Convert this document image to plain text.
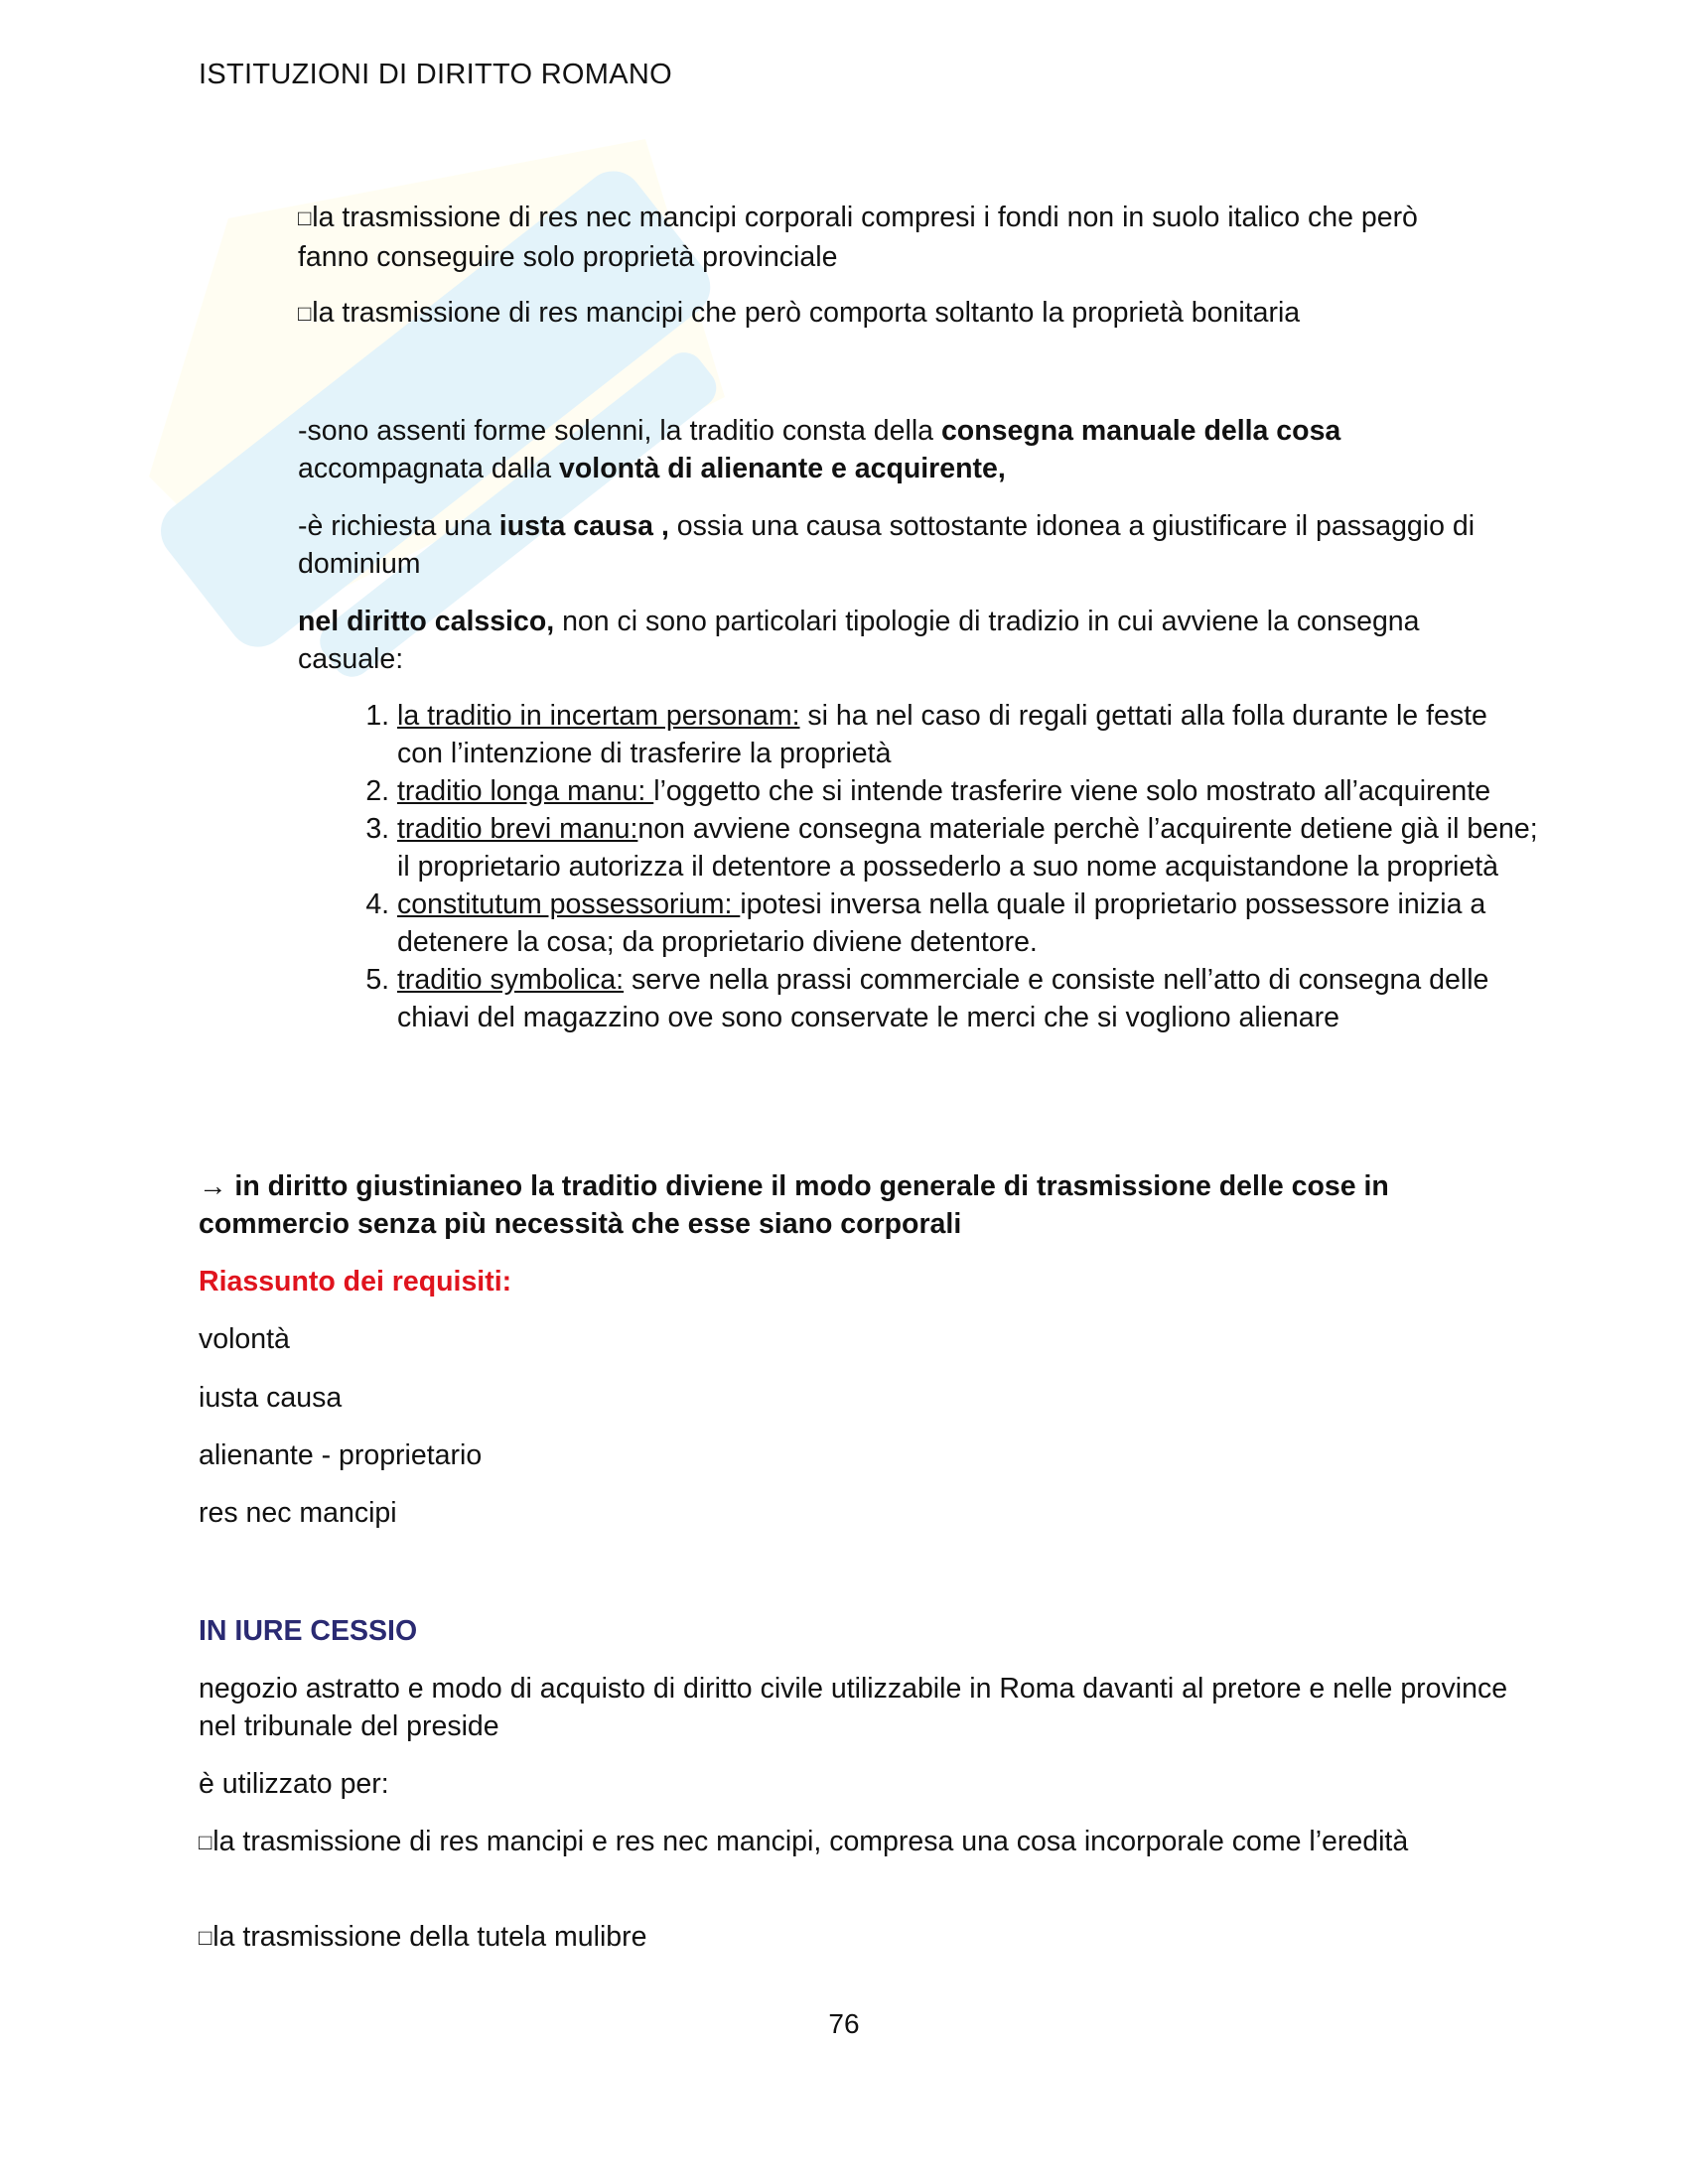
ISTITUZIONI DI DIRITTO ROMANO
□la trasmissione di res nec mancipi corporali compresi i fondi non in suolo italico che però fanno conseguire solo proprietà provinciale
□la trasmissione di res mancipi che però comporta soltanto la proprietà bonitaria
-sono assenti forme solenni, la traditio consta della consegna manuale della cosa accompagnata dalla volontà di alienante e acquirente,
-è richiesta una iusta causa , ossia una causa sottostante idonea a giustificare il passaggio di dominium
nel diritto calssico, non ci sono particolari tipologie di tradizio in cui avviene la consegna casuale:
1. la traditio in incertam personam: si ha nel caso di regali gettati alla folla durante le feste con l’intenzione di trasferire la proprietà
2. traditio longa manu: l’oggetto che si intende trasferire viene solo mostrato all’acquirente
3. traditio brevi manu:non avviene consegna materiale perchè l’acquirente detiene già il bene; il proprietario autorizza il detentore a possederlo a suo nome acquistandone la proprietà
4. constitutum possessorium: ipotesi inversa nella quale il proprietario possessore inizia a detenere la cosa; da proprietario diviene detentore.
5. traditio symbolica: serve nella prassi commerciale e consiste nell’atto di consegna delle chiavi del magazzino ove sono conservate le merci che si vogliono alienare
→ in diritto giustinianeo la traditio diviene il modo generale di trasmissione delle cose in commercio senza più necessità che esse siano corporali
Riassunto dei requisiti:
volontà
iusta causa
alienante - proprietario
res nec mancipi
IN IURE CESSIO
negozio astratto e modo di acquisto di diritto civile utilizzabile in Roma davanti al pretore e nelle province nel tribunale del preside
è utilizzato per:
□la trasmissione di res mancipi e res nec mancipi, compresa una cosa incorporale come l’eredità
□la trasmissione della tutela mulibre
76
